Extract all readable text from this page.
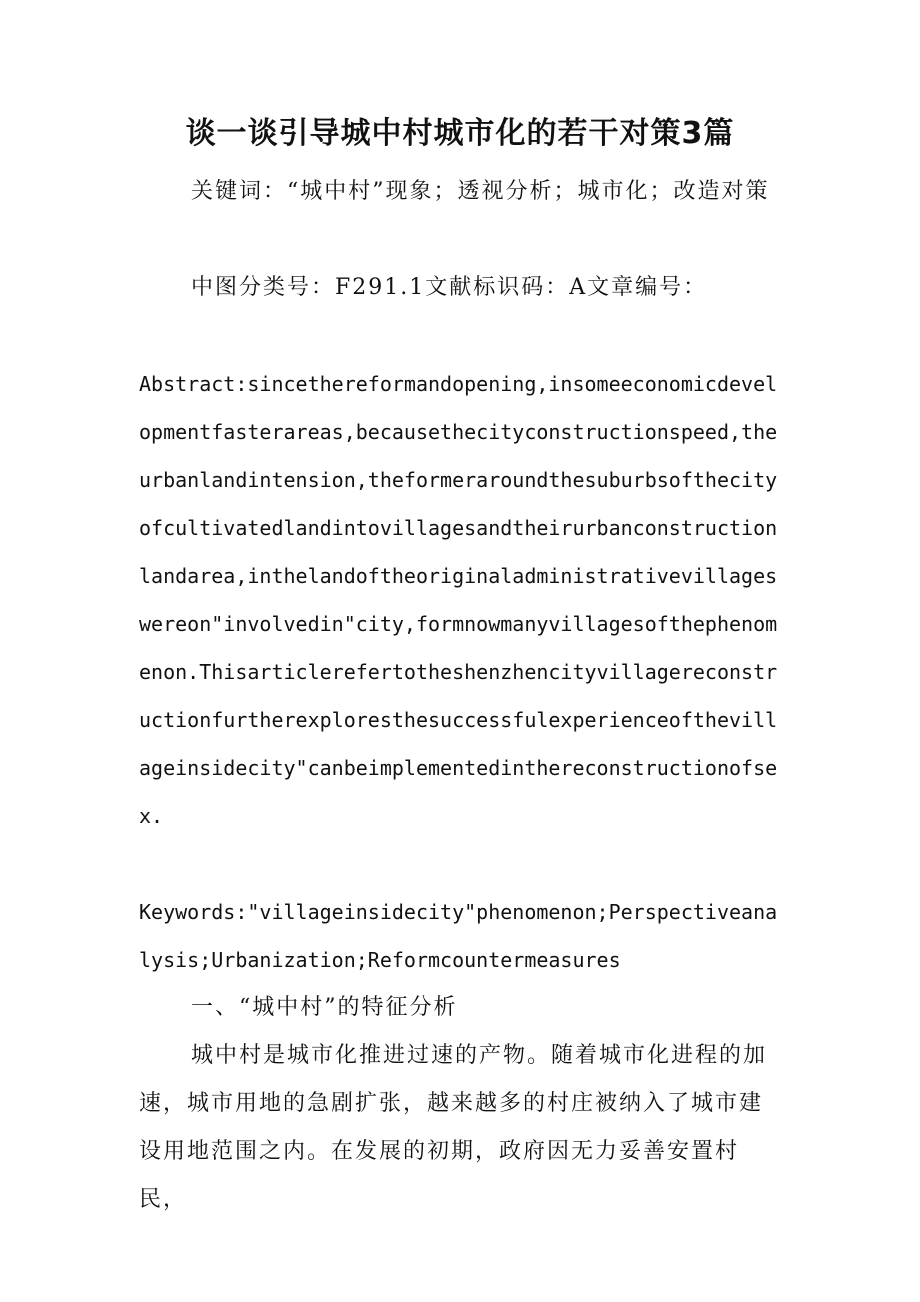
谈一谈引导城中村城市化的若干对策3篇
关键词：“城中村”现象；透视分析；城市化；改造对策
中图分类号：F291.1文献标识码：A文章编号：
Abstract:sincethereformandopening,insomeeconomicdevelopmentfasterareas,becausethecityconstructionspeed,theurbanlandintension,theformeraroundthesuburbsofthecityofcultivatedlandintovillagesandtheirurbanconstructionlandarea,inthelandoftheoriginaladministrativevillageswereon"involvedin"city,formnowmanyvillagesofthephenomenon.Thisarticlerefertotheshenzhencityvillagereconstructionfurtherexploresthesuccessfulexperienceofthevillageinsidecity"canbeimplementedinthereconstructionofsex.
Keywords:"villageinsidecity"phenomenon;Perspectiveanalysis;Urbanization;Reformcountermeasures
一、“城中村”的特征分析
城中村是城市化推进过速的产物。随着城市化进程的加速，城市用地的急剧扩张，越来越多的村庄被纳入了城市建设用地范围之内。在发展的初期，政府因无力妥善安置村民，
